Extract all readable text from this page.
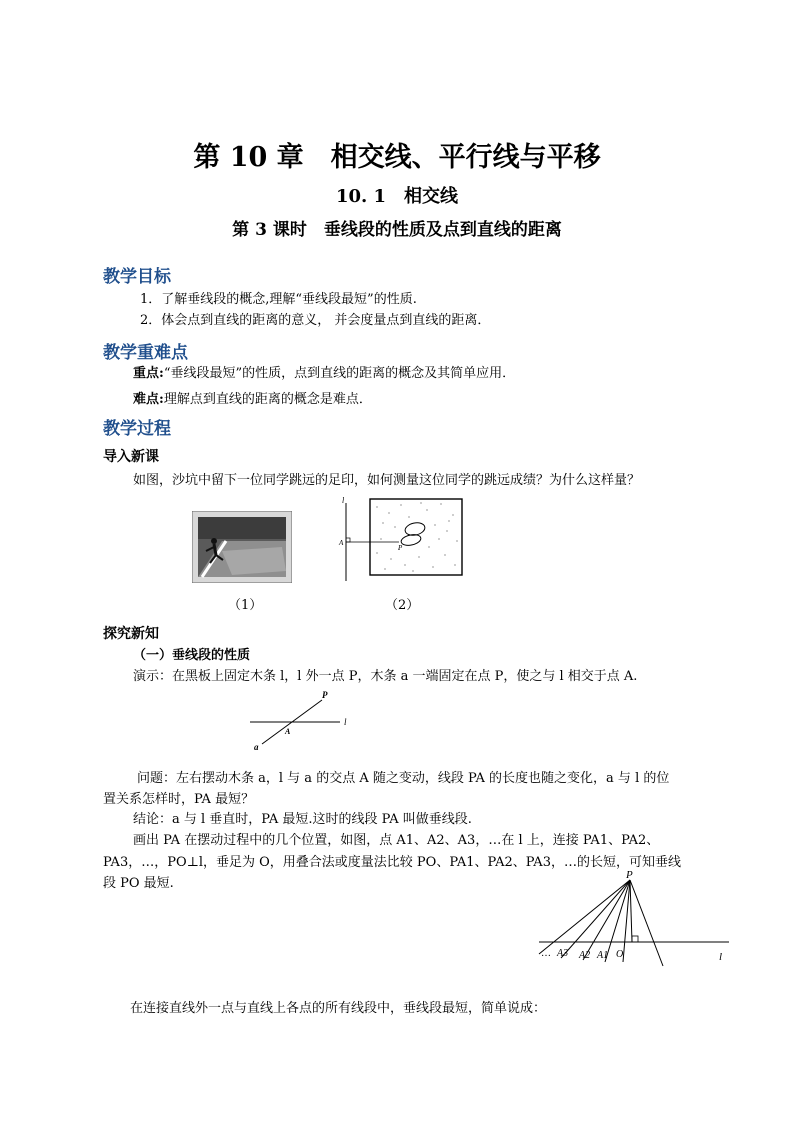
第 10 章　相交线、平行线与平移
10. 1　相交线
第 3 课时　垂线段的性质及点到直线的距离
教学目标
1．了解垂线段的概念,理解“垂线段最短”的性质.
2．体会点到直线的距离的意义， 并会度量点到直线的距离．
教学重难点
重点:“垂线段最短”的性质，点到直线的距离的概念及其简单应用．
难点:理解点到直线的距离的概念是难点．
教学过程
导入新课
如图，沙坑中留下一位同学跳远的足印，如何测量这位同学的跳远成绩？为什么这样量？
（1）
l
A
P
（2）
探究新知
（一）垂线段的性质
演示：在黑板上固定木条 l，l 外一点 P，木条 a 一端固定在点 P，使之与 l 相交于点 A.
P
A
l
a
问题：左右摆动木条 a，l 与 a 的交点 A 随之变动，线段 PA 的长度也随之变化，a 与 l 的位
置关系怎样时，PA 最短？
结论：a 与 l 垂直时，PA 最短.这时的线段 PA 叫做垂线段.
画出 PA 在摆动过程中的几个位置，如图，点 A1、A2、A3，…在 l 上，连接 PA1、PA2、
PA3，…，PO⊥l，垂足为 O，用叠合法或度量法比较 PO、PA1、PA2、PA3，…的长短，可知垂线
段 PO 最短.
P
… A3 A2 A1 O	l
在连接直线外一点与直线上各点的所有线段中，垂线段最短，简单说成：
